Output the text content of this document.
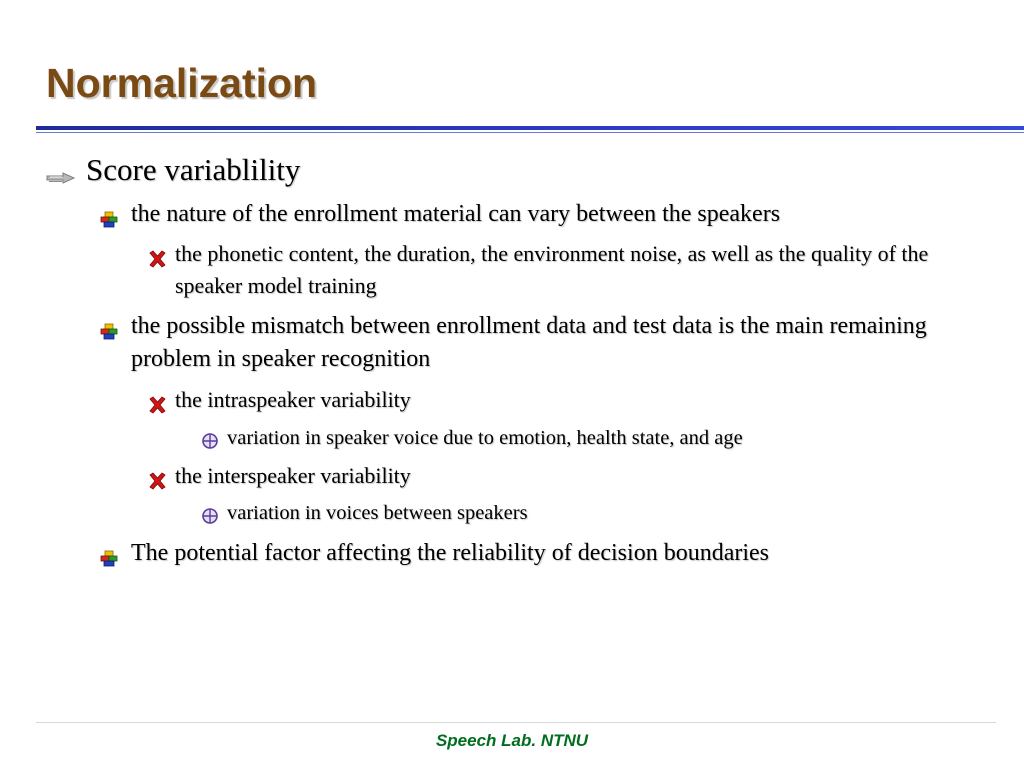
Normalization
Score variablility
the nature of the enrollment material can vary between the speakers
the phonetic content, the duration, the environment noise, as well as the quality of the speaker model training
the possible mismatch between enrollment data and test data is the main remaining problem in speaker recognition
the intraspeaker variability
variation in speaker voice due to emotion, health state, and age
the interspeaker variability
variation in voices between speakers
The potential factor affecting the reliability of decision boundaries
Speech Lab. NTNU
